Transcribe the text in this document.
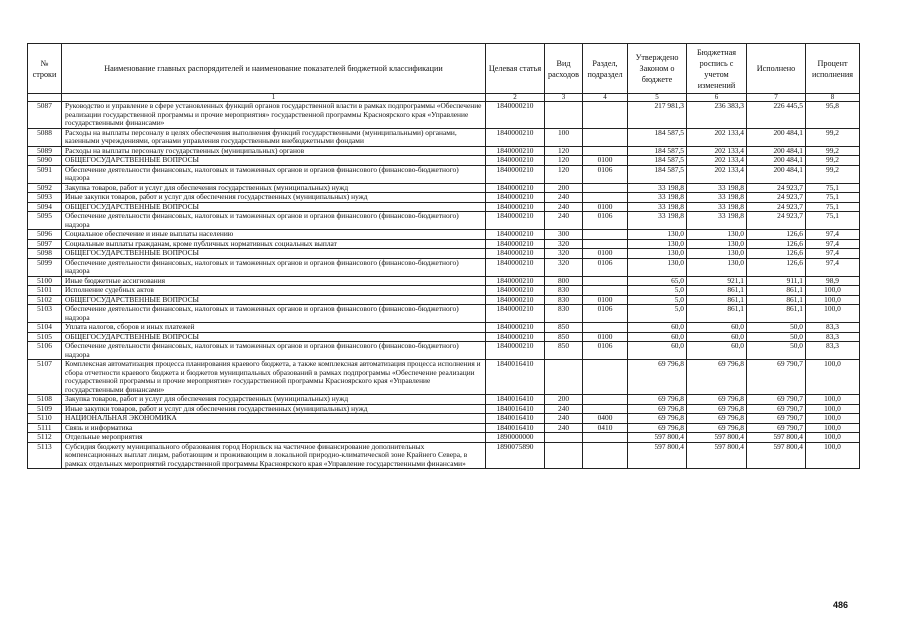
№ строки	Наименование главных распорядителей и наименование показателей бюджетной классификации	Целевая статья	Вид расходов	Раздел, подраздел	Утверждено Законом о бюджете	Бюджетная роспись с учетом изменений	Исполнено	Процент исполнения
	1	2	3	4	5	6	7	8
5087	Руководство и управление в сфере установленных функций органов государственной власти в рамках подпрограммы «Обеспечение реализации государственной программы и прочие мероприятия» государственной программы Красноярского края «Управление государственными финансами»	1840000210			217 981,3	236 383,3	226 445,5	95,8
5088	Расходы на выплаты персоналу в целях обеспечения выполнения функций государственными (муниципальными) органами, казенными учреждениями, органами управления государственными внебюджетными фондами	1840000210	100		184 587,5	202 133,4	200 484,1	99,2
5089	Расходы на выплаты персоналу государственных (муниципальных) органов	1840000210	120		184 587,5	202 133,4	200 484,1	99,2
5090	ОБЩЕГОСУДАРСТВЕННЫЕ ВОПРОСЫ	1840000210	120	0100	184 587,5	202 133,4	200 484,1	99,2
5091	Обеспечение деятельности финансовых, налоговых и таможенных органов и органов финансового (финансово-бюджетного) надзора	1840000210	120	0106	184 587,5	202 133,4	200 484,1	99,2
5092	Закупка товаров, работ и услуг для обеспечения государственных (муниципальных) нужд	1840000210	200		33 198,8	33 198,8	24 923,7	75,1
5093	Иные закупки товаров, работ и услуг для обеспечения государственных (муниципальных) нужд	1840000210	240		33 198,8	33 198,8	24 923,7	75,1
5094	ОБЩЕГОСУДАРСТВЕННЫЕ ВОПРОСЫ	1840000210	240	0100	33 198,8	33 198,8	24 923,7	75,1
5095	Обеспечение деятельности финансовых, налоговых и таможенных органов и органов финансового (финансово-бюджетного) надзора	1840000210	240	0106	33 198,8	33 198,8	24 923,7	75,1
5096	Социальное обеспечение и иные выплаты населению	1840000210	300		130,0	130,0	126,6	97,4
5097	Социальные выплаты гражданам, кроме публичных нормативных социальных выплат	1840000210	320		130,0	130,0	126,6	97,4
5098	ОБЩЕГОСУДАРСТВЕННЫЕ ВОПРОСЫ	1840000210	320	0100	130,0	130,0	126,6	97,4
5099	Обеспечение деятельности финансовых, налоговых и таможенных органов и органов финансового (финансово-бюджетного) надзора	1840000210	320	0106	130,0	130,0	126,6	97,4
5100	Иные бюджетные ассигнования	1840000210	800		65,0	921,1	911,1	98,9
5101	Исполнение судебных актов	1840000210	830		5,0	861,1	861,1	100,0
5102	ОБЩЕГОСУДАРСТВЕННЫЕ ВОПРОСЫ	1840000210	830	0100	5,0	861,1	861,1	100,0
5103	Обеспечение деятельности финансовых, налоговых и таможенных органов и органов финансового (финансово-бюджетного) надзора	1840000210	830	0106	5,0	861,1	861,1	100,0
5104	Уплата налогов, сборов и иных платежей	1840000210	850		60,0	60,0	50,0	83,3
5105	ОБЩЕГОСУДАРСТВЕННЫЕ ВОПРОСЫ	1840000210	850	0100	60,0	60,0	50,0	83,3
5106	Обеспечение деятельности финансовых, налоговых и таможенных органов и органов финансового (финансово-бюджетного) надзора	1840000210	850	0106	60,0	60,0	50,0	83,3
5107	Комплексная автоматизация процесса планирования краевого бюджета, а также комплексная автоматизация процесса исполнения и сбора отчетности краевого бюджета и бюджетов муниципальных образований в рамках подпрограммы «Обеспечение реализации государственной программы и прочие мероприятия» государственной программы Красноярского края «Управление государственными финансами»	1840016410			69 796,8	69 796,8	69 790,7	100,0
5108	Закупка товаров, работ и услуг для обеспечения государственных (муниципальных) нужд	1840016410	200		69 796,8	69 796,8	69 790,7	100,0
5109	Иные закупки товаров, работ и услуг для обеспечения государственных (муниципальных) нужд	1840016410	240		69 796,8	69 796,8	69 790,7	100,0
5110	НАЦИОНАЛЬНАЯ ЭКОНОМИКА	1840016410	240	0400	69 796,8	69 796,8	69 790,7	100,0
5111	Связь и информатика	1840016410	240	0410	69 796,8	69 796,8	69 790,7	100,0
5112	Отдельные мероприятия	1890000000			597 800,4	597 800,4	597 800,4	100,0
5113	Субсидия бюджету муниципального образования город Норильск на частичное финансирование дополнительных компенсационных выплат лицам, работающим и проживающим в локальной природно-климатической зоне Крайнего Севера, в рамках отдельных мероприятий государственной программы Красноярского края «Управление государственными финансами»	1890075890			597 800,4	597 800,4	597 800,4	100,0
486
